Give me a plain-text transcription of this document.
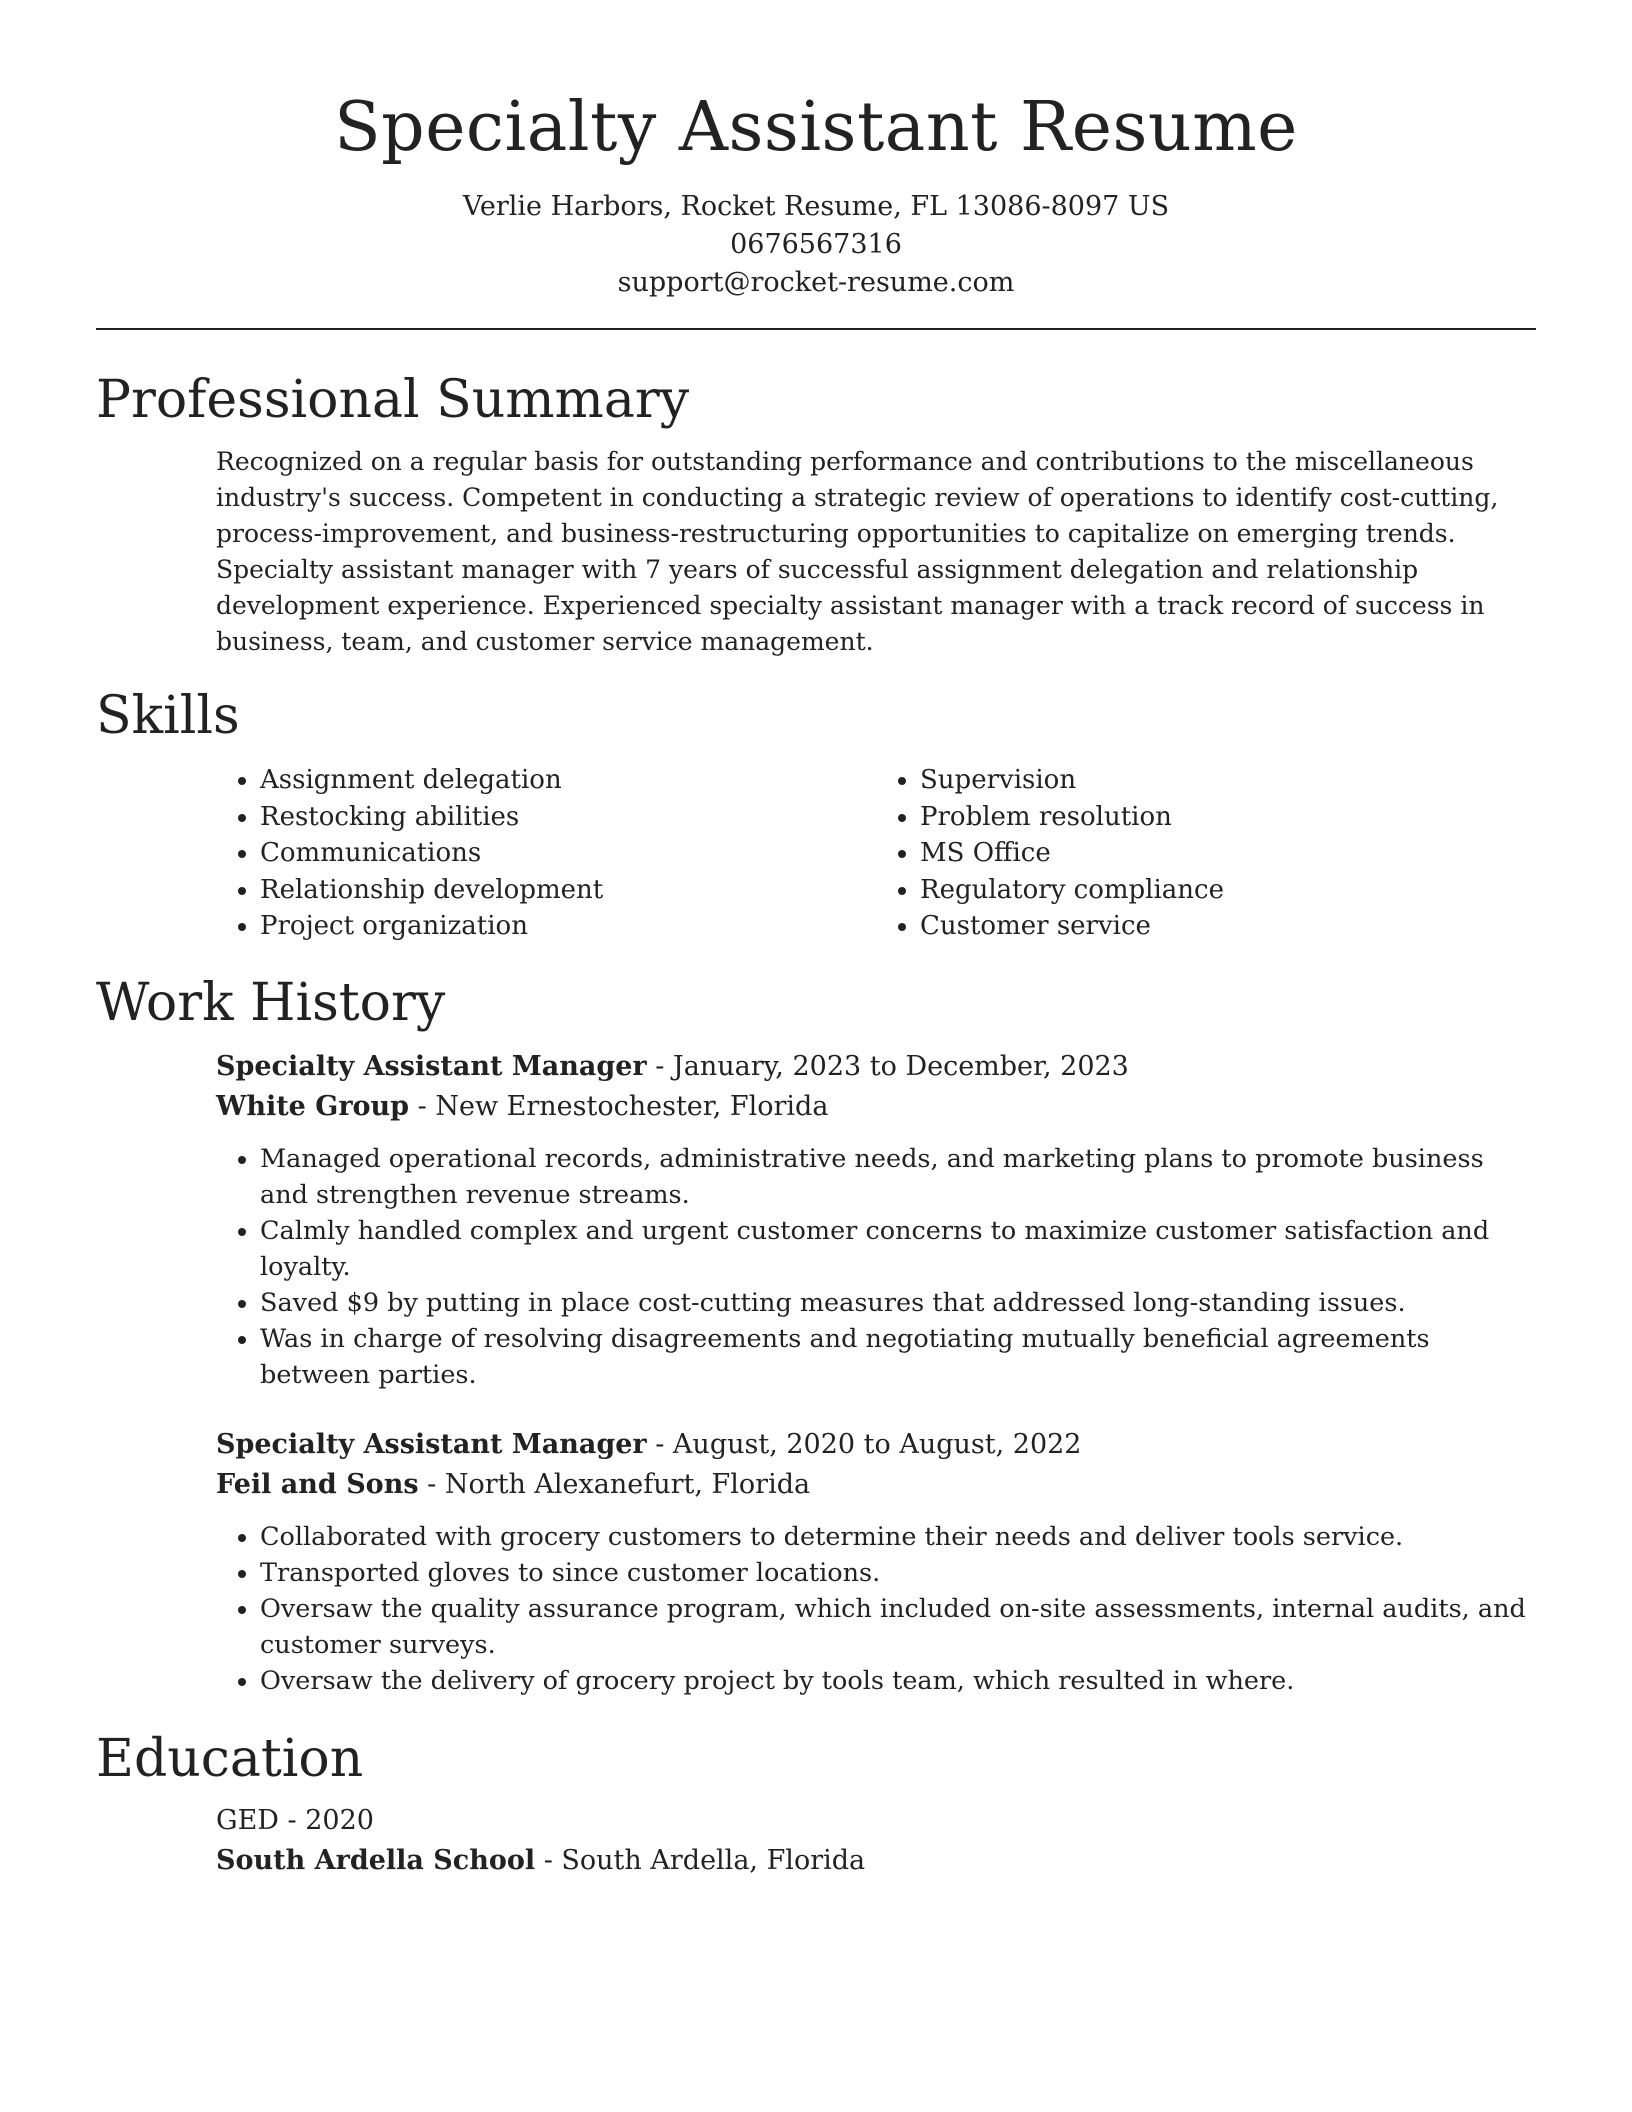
Specialty Assistant Resume
Verlie Harbors, Rocket Resume, FL 13086-8097 US
0676567316
support@rocket-resume.com
Professional Summary

Recognized on a regular basis for outstanding performance and contributions to the miscellaneous industry's success. Competent in conducting a strategic review of operations to identify cost-cutting, process-improvement, and business-restructuring opportunities to capitalize on emerging trends. Specialty assistant manager with 7 years of successful assignment delegation and relationship development experience. Experienced specialty assistant manager with a track record of success in business, team, and customer service management.

Skills
• Assignment delegation
• Restocking abilities
• Communications
• Relationship development
• Project organization
• Supervision
• Problem resolution
• MS Office
• Regulatory compliance
• Customer service
Work History
Specialty Assistant Manager - January, 2023 to December, 2023
White Group - New Ernestochester, Florida
• Managed operational records, administrative needs, and marketing plans to promote business and strengthen revenue streams.
• Calmly handled complex and urgent customer concerns to maximize customer satisfaction and loyalty.
• Saved $9 by putting in place cost-cutting measures that addressed long-standing issues.
• Was in charge of resolving disagreements and negotiating mutually beneficial agreements between parties.
Specialty Assistant Manager - August, 2020 to August, 2022
Feil and Sons - North Alexanefurt, Florida
• Collaborated with grocery customers to determine their needs and deliver tools service.
• Transported gloves to since customer locations.
• Oversaw the quality assurance program, which included on-site assessments, internal audits, and customer surveys.
• Oversaw the delivery of grocery project by tools team, which resulted in where.
Education
GED - 2020
South Ardella School - South Ardella, Florida
